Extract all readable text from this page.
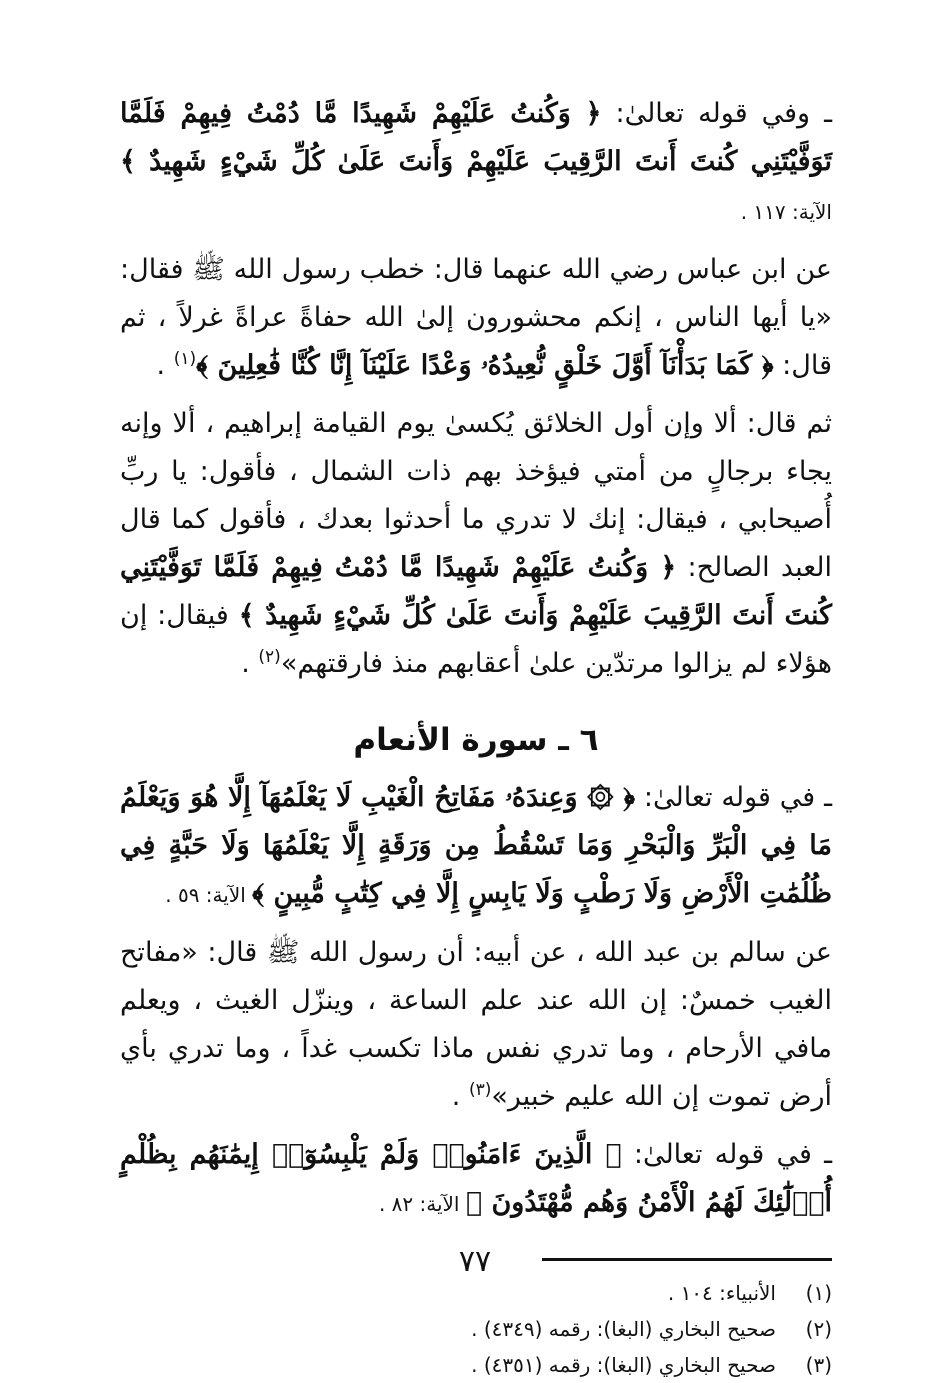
ـ وفي قوله تعالىٰ: ﴿ وَكُنتُ عَلَيْهِمْ شَهِيدًا مَّا دُمْتُ فِيهِمْ فَلَمَّا تَوَفَّيْتَنِي كُنتَ أَنتَ الرَّقِيبَ عَلَيْهِمْ وَأَنتَ عَلَىٰ كُلِّ شَيْءٍ شَهِيدٌ ﴾ الآية: ١١٧ .

عن ابن عباس رضي الله عنهما قال: خطب رسول الله ﷺ فقال: «يا أيها الناس ، إنكم محشورون إلىٰ الله حفاةً عراةً غرلاً ، ثم قال: ﴿ كَمَا بَدَأْنَآ أَوَّلَ خَلْقٍ نُّعِيدُهُۥ وَعْدًا عَلَيْنَآ إِنَّا كُنَّا فَٰعِلِينَ ﴾$^{(١)}$ .

ثم قال: ألا وإن أول الخلائق يُكسىٰ يوم القيامة إبراهيم ، ألا وإنه يجاء برجالٍ من أمتي فيؤخذ بهم ذات الشمال ، فأقول: يا ربِّ أُصيحابي ، فيقال: إنك لا تدري ما أحدثوا بعدك ، فأقول كما قال العبد الصالح: ﴿ وَكُنتُ عَلَيْهِمْ شَهِيدًا مَّا دُمْتُ فِيهِمْ فَلَمَّا تَوَفَّيْتَنِي كُنتَ أَنتَ الرَّقِيبَ عَلَيْهِمْ وَأَنتَ عَلَىٰ كُلِّ شَيْءٍ شَهِيدٌ ﴾ فيقال: إن هؤلاء لم يزالوا مرتدّين علىٰ أعقابهم منذ فارقتهم»$^{(٢)}$ .

٦ ـ سورة الأنعام

ـ في قوله تعالىٰ: ﴿ ۞ وَعِندَهُۥ مَفَاتِحُ الْغَيْبِ لَا يَعْلَمُهَآ إِلَّا هُوَ وَيَعْلَمُ مَا فِي الْبَرِّ وَالْبَحْرِ وَمَا تَسْقُطُ مِن وَرَقَةٍ إِلَّا يَعْلَمُهَا وَلَا حَبَّةٍ فِي ظُلُمَٰتِ الْأَرْضِ وَلَا رَطْبٍ وَلَا يَابِسٍ إِلَّا فِي كِتَٰبٍ مُّبِينٍ ﴾ الآية: ٥٩ .

عن سالم بن عبد الله ، عن أبيه: أن رسول الله ﷺ قال: «مفاتح الغيب خمسٌ: إن الله عند علم الساعة ، وينزّل الغيث ، ويعلم مافي الأرحام ، وما تدري نفس ماذا تكسب غداً ، وما تدري بأي أرض تموت إن الله عليم خبير»$^{(٣)}$ .

ـ في قوله تعالىٰ: ﴿ الَّذِينَ ءَامَنُوا۟ وَلَمْ يَلْبِسُوٓا۟ إِيمَٰنَهُم بِظُلْمٍ أُو۟لَٰٓئِكَ لَهُمُ الْأَمْنُ وَهُم مُّهْتَدُونَ ﴾ الآية: ٨٢ .

(١)
الأنبياء: ١٠٤ .
(٢)
صحيح البخاري (البغا): رقمه (٤٣٤٩) .
(٣)
صحيح البخاري (البغا): رقمه (٤٣٥١) .
٧٧
